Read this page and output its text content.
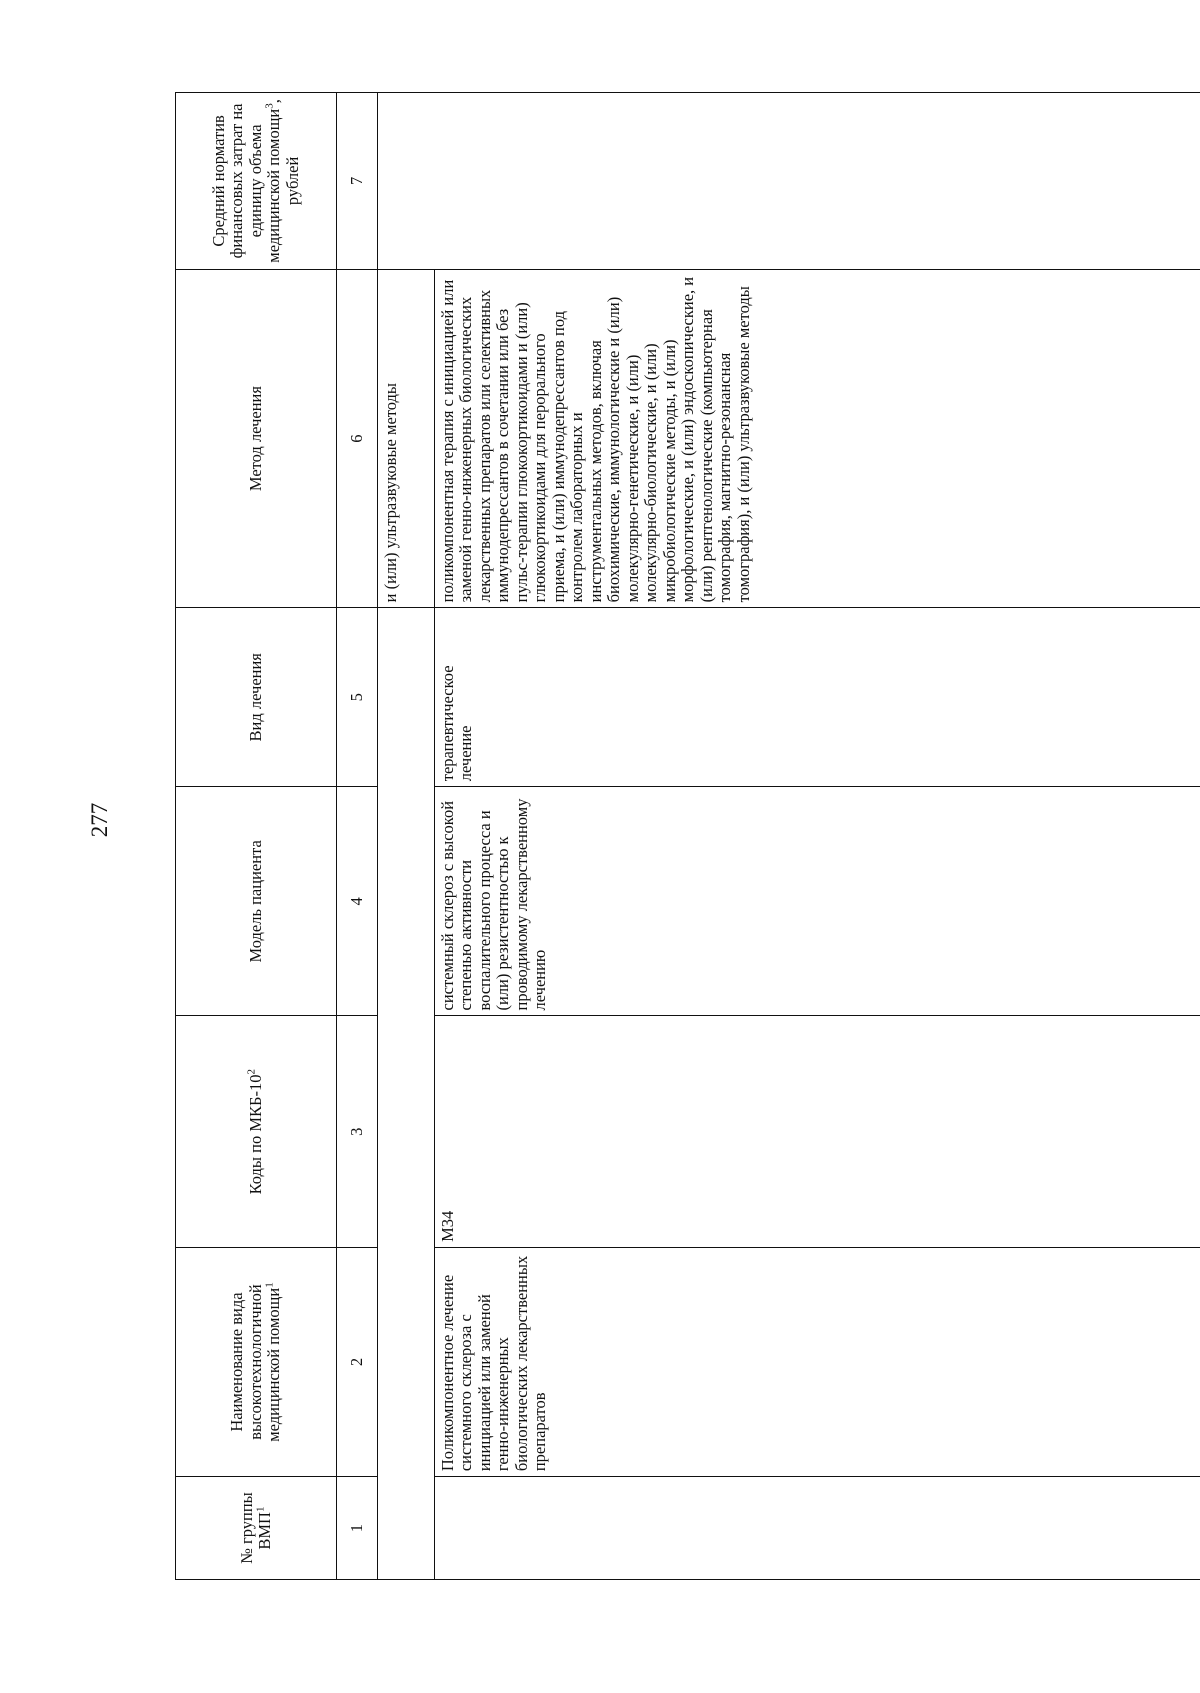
277
№ группы ВМП$^1$	Наименование вида высокотехнологичной медицинской помощи$^1$	Коды по МКБ-$10^2$	Модель пациента	Вид лечения	Метод лечения	Средний норматив финансовых затрат на единицу объема медицинской помощи$^3$, рублей
1	2	3	4	5	6	7
					и (или) ультразвуковые методы	
	Поликомпонентное лечение системного склероза с инициацией или заменой генно-инженерных биологических лекарственных препаратов	M34	системный склероз с высокой степенью активности воспалительного процесса и (или) резистентностью к проводимому лекарственному лечению	терапевтическое лечение	поликомпонентная терапия с инициацией или заменой генно-инженерных биологических лекарственных препаратов или селективных иммунодепрессантов в сочетании или без пульс-терапии глюкокортикоидами и (или) глюкокортикоидами для перорального приема, и (или) иммунодепрессантов под контролем лабораторных и инструментальных методов, включая биохимические, иммунологические и (или) молекулярно-генетические, и (или) молекулярно-биологические, и (или) микробиологические методы, и (или) морфологические, и (или) эндоскопические, и (или) рентгенологические (компьютерная томография, магнитно-резонансная томография), и (или) ультразвуковые методы	
